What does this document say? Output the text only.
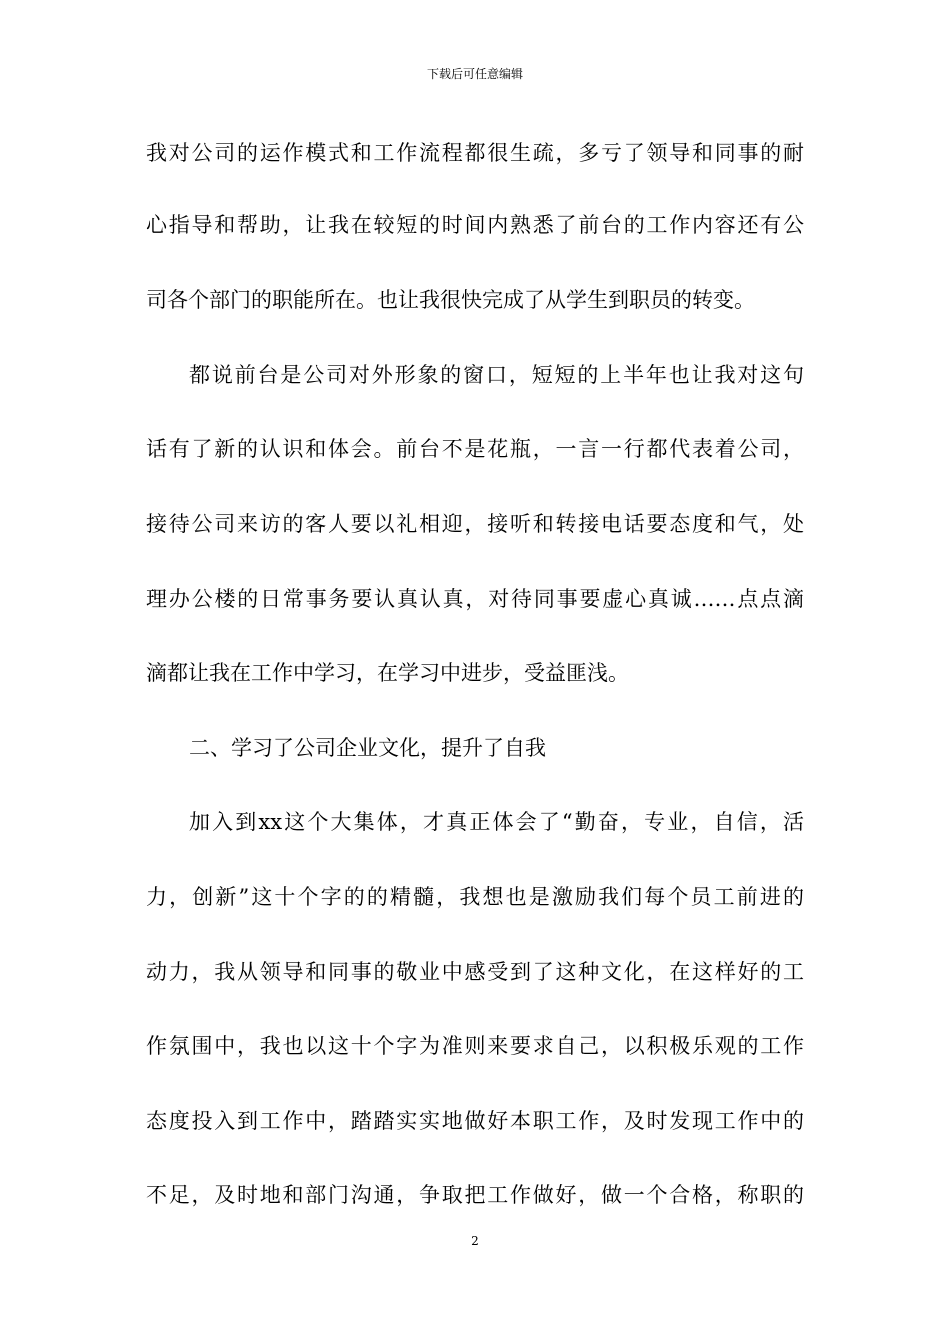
下载后可任意编辑
我对公司的运作模式和工作流程都很生疏，多亏了领导和同事的耐
心指导和帮助，让我在较短的时间内熟悉了前台的工作内容还有公
司各个部门的职能所在。也让我很快完成了从学生到职员的转变。
都说前台是公司对外形象的窗口，短短的上半年也让我对这句
话有了新的认识和体会。前台不是花瓶，一言一行都代表着公司，
接待公司来访的客人要以礼相迎，接听和转接电话要态度和气，处
理办公楼的日常事务要认真认真，对待同事要虚心真诚……点点滴
滴都让我在工作中学习，在学习中进步，受益匪浅。
二、学习了公司企业文化，提升了自我
加入到xx这个大集体，才真正体会了“勤奋，专业，自信，活
力，创新”这十个字的的精髓，我想也是激励我们每个员工前进的
动力，我从领导和同事的敬业中感受到了这种文化，在这样好的工
作氛围中，我也以这十个字为准则来要求自己，以积极乐观的工作
态度投入到工作中，踏踏实实地做好本职工作，及时发现工作中的
不足，及时地和部门沟通，争取把工作做好，做一个合格，称职的
2
